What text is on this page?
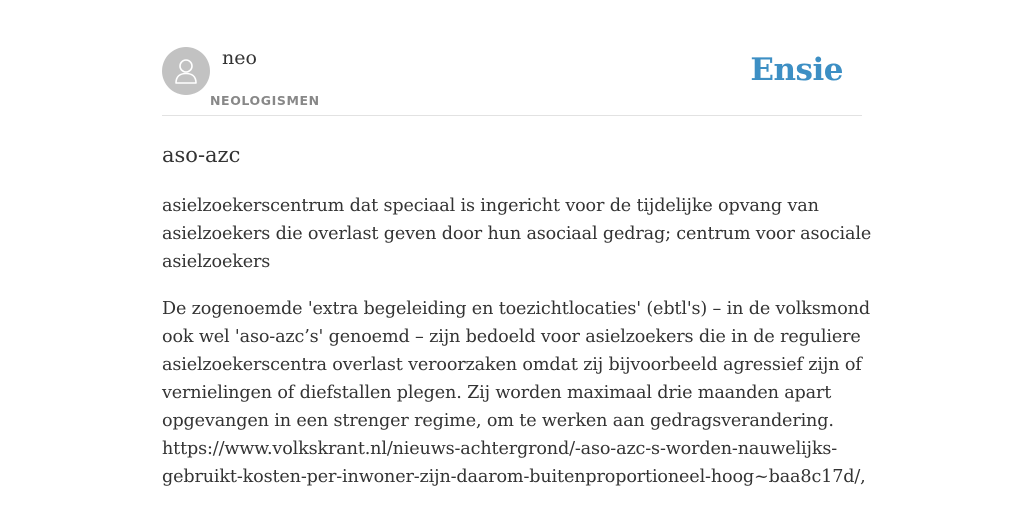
neo
NEOLOGISMEN
Ensie
aso-azc

asielzoekerscentrum dat speciaal is ingericht voor de tijdelijke opvang van
asielzoekers die overlast geven door hun asociaal gedrag; centrum voor asociale
asielzoekers

De zogenoemde 'extra begeleiding en toezichtlocaties' (ebtl's) – in de volksmond
ook wel 'aso-azc’s' genoemd – zijn bedoeld voor asielzoekers die in de reguliere
asielzoekerscentra overlast veroorzaken omdat zij bijvoorbeeld agressief zijn of
vernielingen of diefstallen plegen. Zij worden maximaal drie maanden apart
opgevangen in een strenger regime, om te werken aan gedragsverandering.
https://www.volkskrant.nl/nieuws-achtergrond/-aso-azc-s-worden-nauwelijks-
gebruikt-kosten-per-inwoner-zijn-daarom-buitenproportioneel-hoog~baa8c17d/,
